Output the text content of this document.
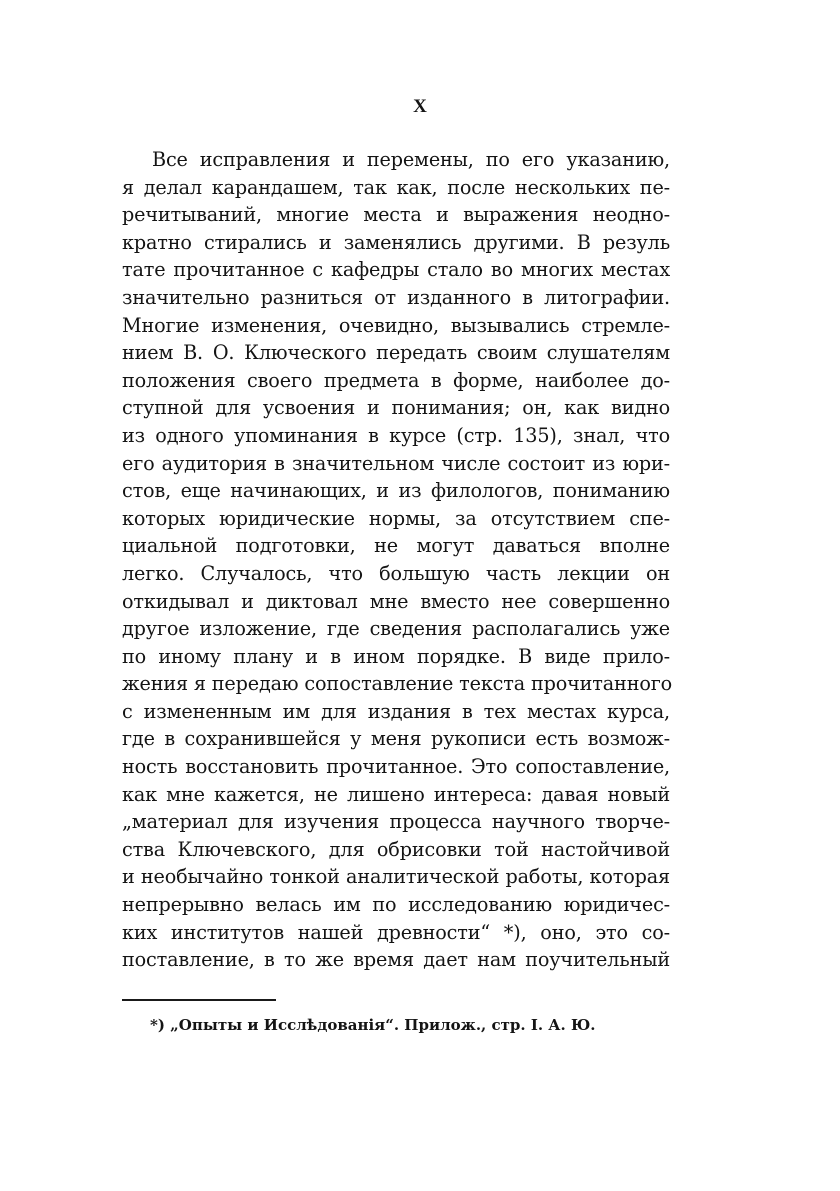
X
Все исправления и перемены, по его указанию,
я делал карандашем, так как, после нескольких пе-
речитываний, многие места и выражения неодно-
кратно стирались и заменялись другими. В резуль
тате прочитанное с кафедры стало во многих местах
значительно разниться от изданного в литографии.
Многие изменения, очевидно, вызывались стремле-
нием В. О. Ключеского передать своим слушателям
положения своего предмета в форме, наиболее до-
ступной для усвоения и понимания; он, как видно
из одного упоминания в курсе (стр. 135), знал, что
его аудитория в значительном числе состоит из юри-
стов, еще начинающих, и из филологов, пониманию
которых юридические нормы, за отсутствием спе-
циальной подготовки, не могут даваться вполне
легко. Случалось, что большую часть лекции он
откидывал и диктовал мне вместо нее совершенно
другое изложение, где сведения располагались уже
по иному плану и в ином порядке. В виде прило-
жения я передаю сопоставление текста прочитанного
с измененным им для издания в тех местах курса,
где в сохранившейся у меня рукописи есть возмож-
ность восстановить прочитанное. Это сопоставление,
как мне кажется, не лишено интереса: давая новый
„материал для изучения процесса научного творче-
ства Ключевского, для обрисовки той настойчивой
и необычайно тонкой аналитической работы, которая
непрерывно велась им по исследованию юридичес-
ких институтов нашей древности“ *), оно, это со-
поставление, в то же время дает нам поучительный
*) „Опыты и Исслѣдованія“. Прилож., стр. I. А. Ю.
